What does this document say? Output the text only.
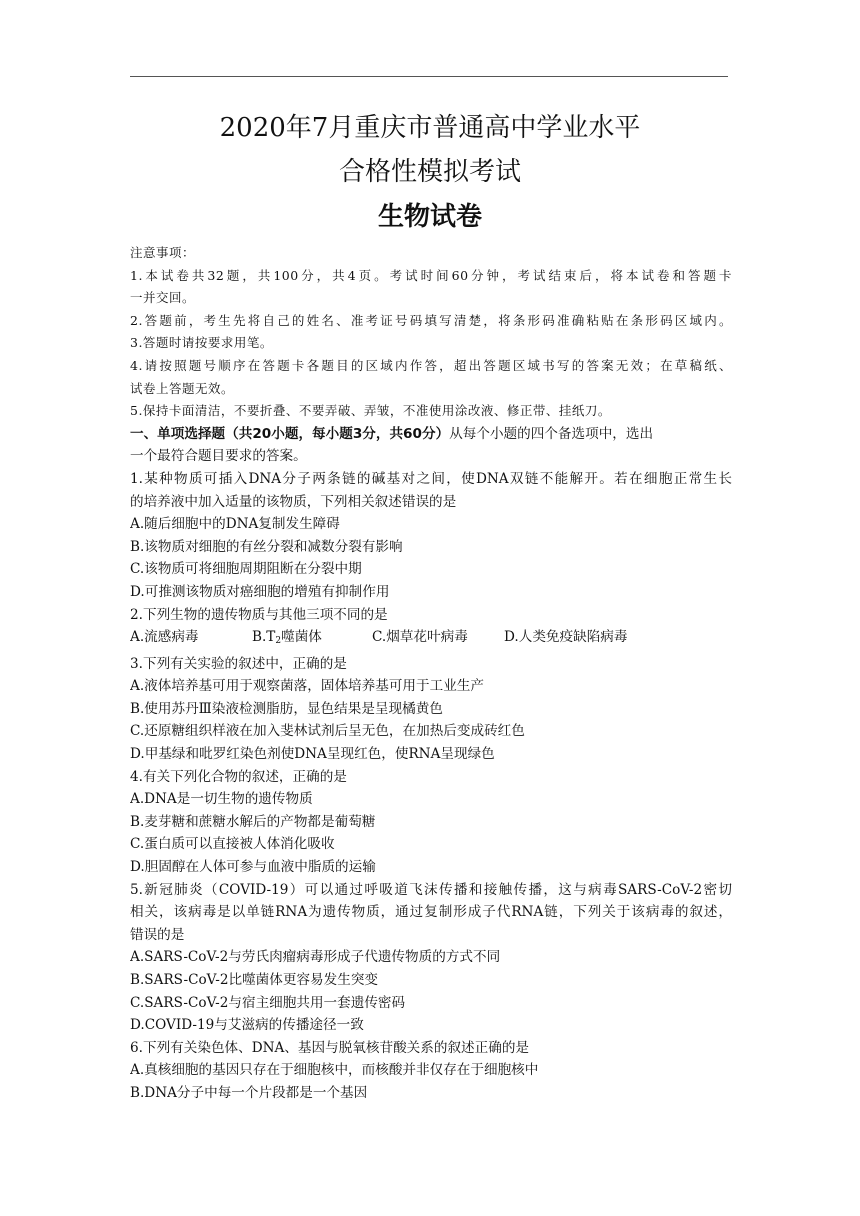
2020年7月重庆市普通高中学业水平
合格性模拟考试
生物试卷
注意事项：
1.本试卷共32题，共100分，共4页。考试时间60分钟，考试结束后，将本试卷和答题卡
一并交回。
2.答题前，考生先将自己的姓名、准考证号码填写清楚，将条形码准确粘贴在条形码区域内。
3.答题时请按要求用笔。
4.请按照题号顺序在答题卡各题目的区域内作答，超出答题区域书写的答案无效；在草稿纸、
试卷上答题无效。
5.保持卡面清洁，不要折叠、不要弄破、弄皱，不准使用涂改液、修正带、挂纸刀。
一、单项选择题（共20小题，每小题3分，共60分）从每个小题的四个备选项中，选出
一个最符合题目要求的答案。
1.某种物质可插入DNA分子两条链的碱基对之间，使DNA双链不能解开。若在细胞正常生长
的培养液中加入适量的该物质，下列相关叙述错误的是
A.随后细胞中的DNA复制发生障碍
B.该物质对细胞的有丝分裂和减数分裂有影响
C.该物质可将细胞周期阻断在分裂中期
D.可推测该物质对癌细胞的增殖有抑制作用
2.下列生物的遗传物质与其他三项不同的是
A.流感病毒	$B.T_2$噬菌体	C.烟草花叶病毒	D.人类免疫缺陷病毒
3.下列有关实验的叙述中，正确的是
A.液体培养基可用于观察菌落，固体培养基可用于工业生产
B.使用苏丹Ⅲ染液检测脂肪，显色结果是呈现橘黄色
C.还原糖组织样液在加入斐林试剂后呈无色，在加热后变成砖红色
D.甲基绿和吡罗红染色剂使DNA呈现红色，使RNA呈现绿色
4.有关下列化合物的叙述，正确的是
A.DNA是一切生物的遗传物质
B.麦芽糖和蔗糖水解后的产物都是葡萄糖
C.蛋白质可以直接被人体消化吸收
D.胆固醇在人体可参与血液中脂质的运输
5.新冠肺炎（COVID-19）可以通过呼吸道飞沫传播和接触传播，这与病毒SARS-CoV-2密切
相关，该病毒是以单链RNA为遗传物质，通过复制形成子代RNA链，下列关于该病毒的叙述，
错误的是
A.SARS-CoV-2与劳氏肉瘤病毒形成子代遗传物质的方式不同
B.SARS-CoV-2比噬菌体更容易发生突变
C.SARS-CoV-2与宿主细胞共用一套遗传密码
D.COVID-19与艾滋病的传播途径一致
6.下列有关染色体、DNA、基因与脱氧核苷酸关系的叙述正确的是
A.真核细胞的基因只存在于细胞核中，而核酸并非仅存在于细胞核中
B.DNA分子中每一个片段都是一个基因
